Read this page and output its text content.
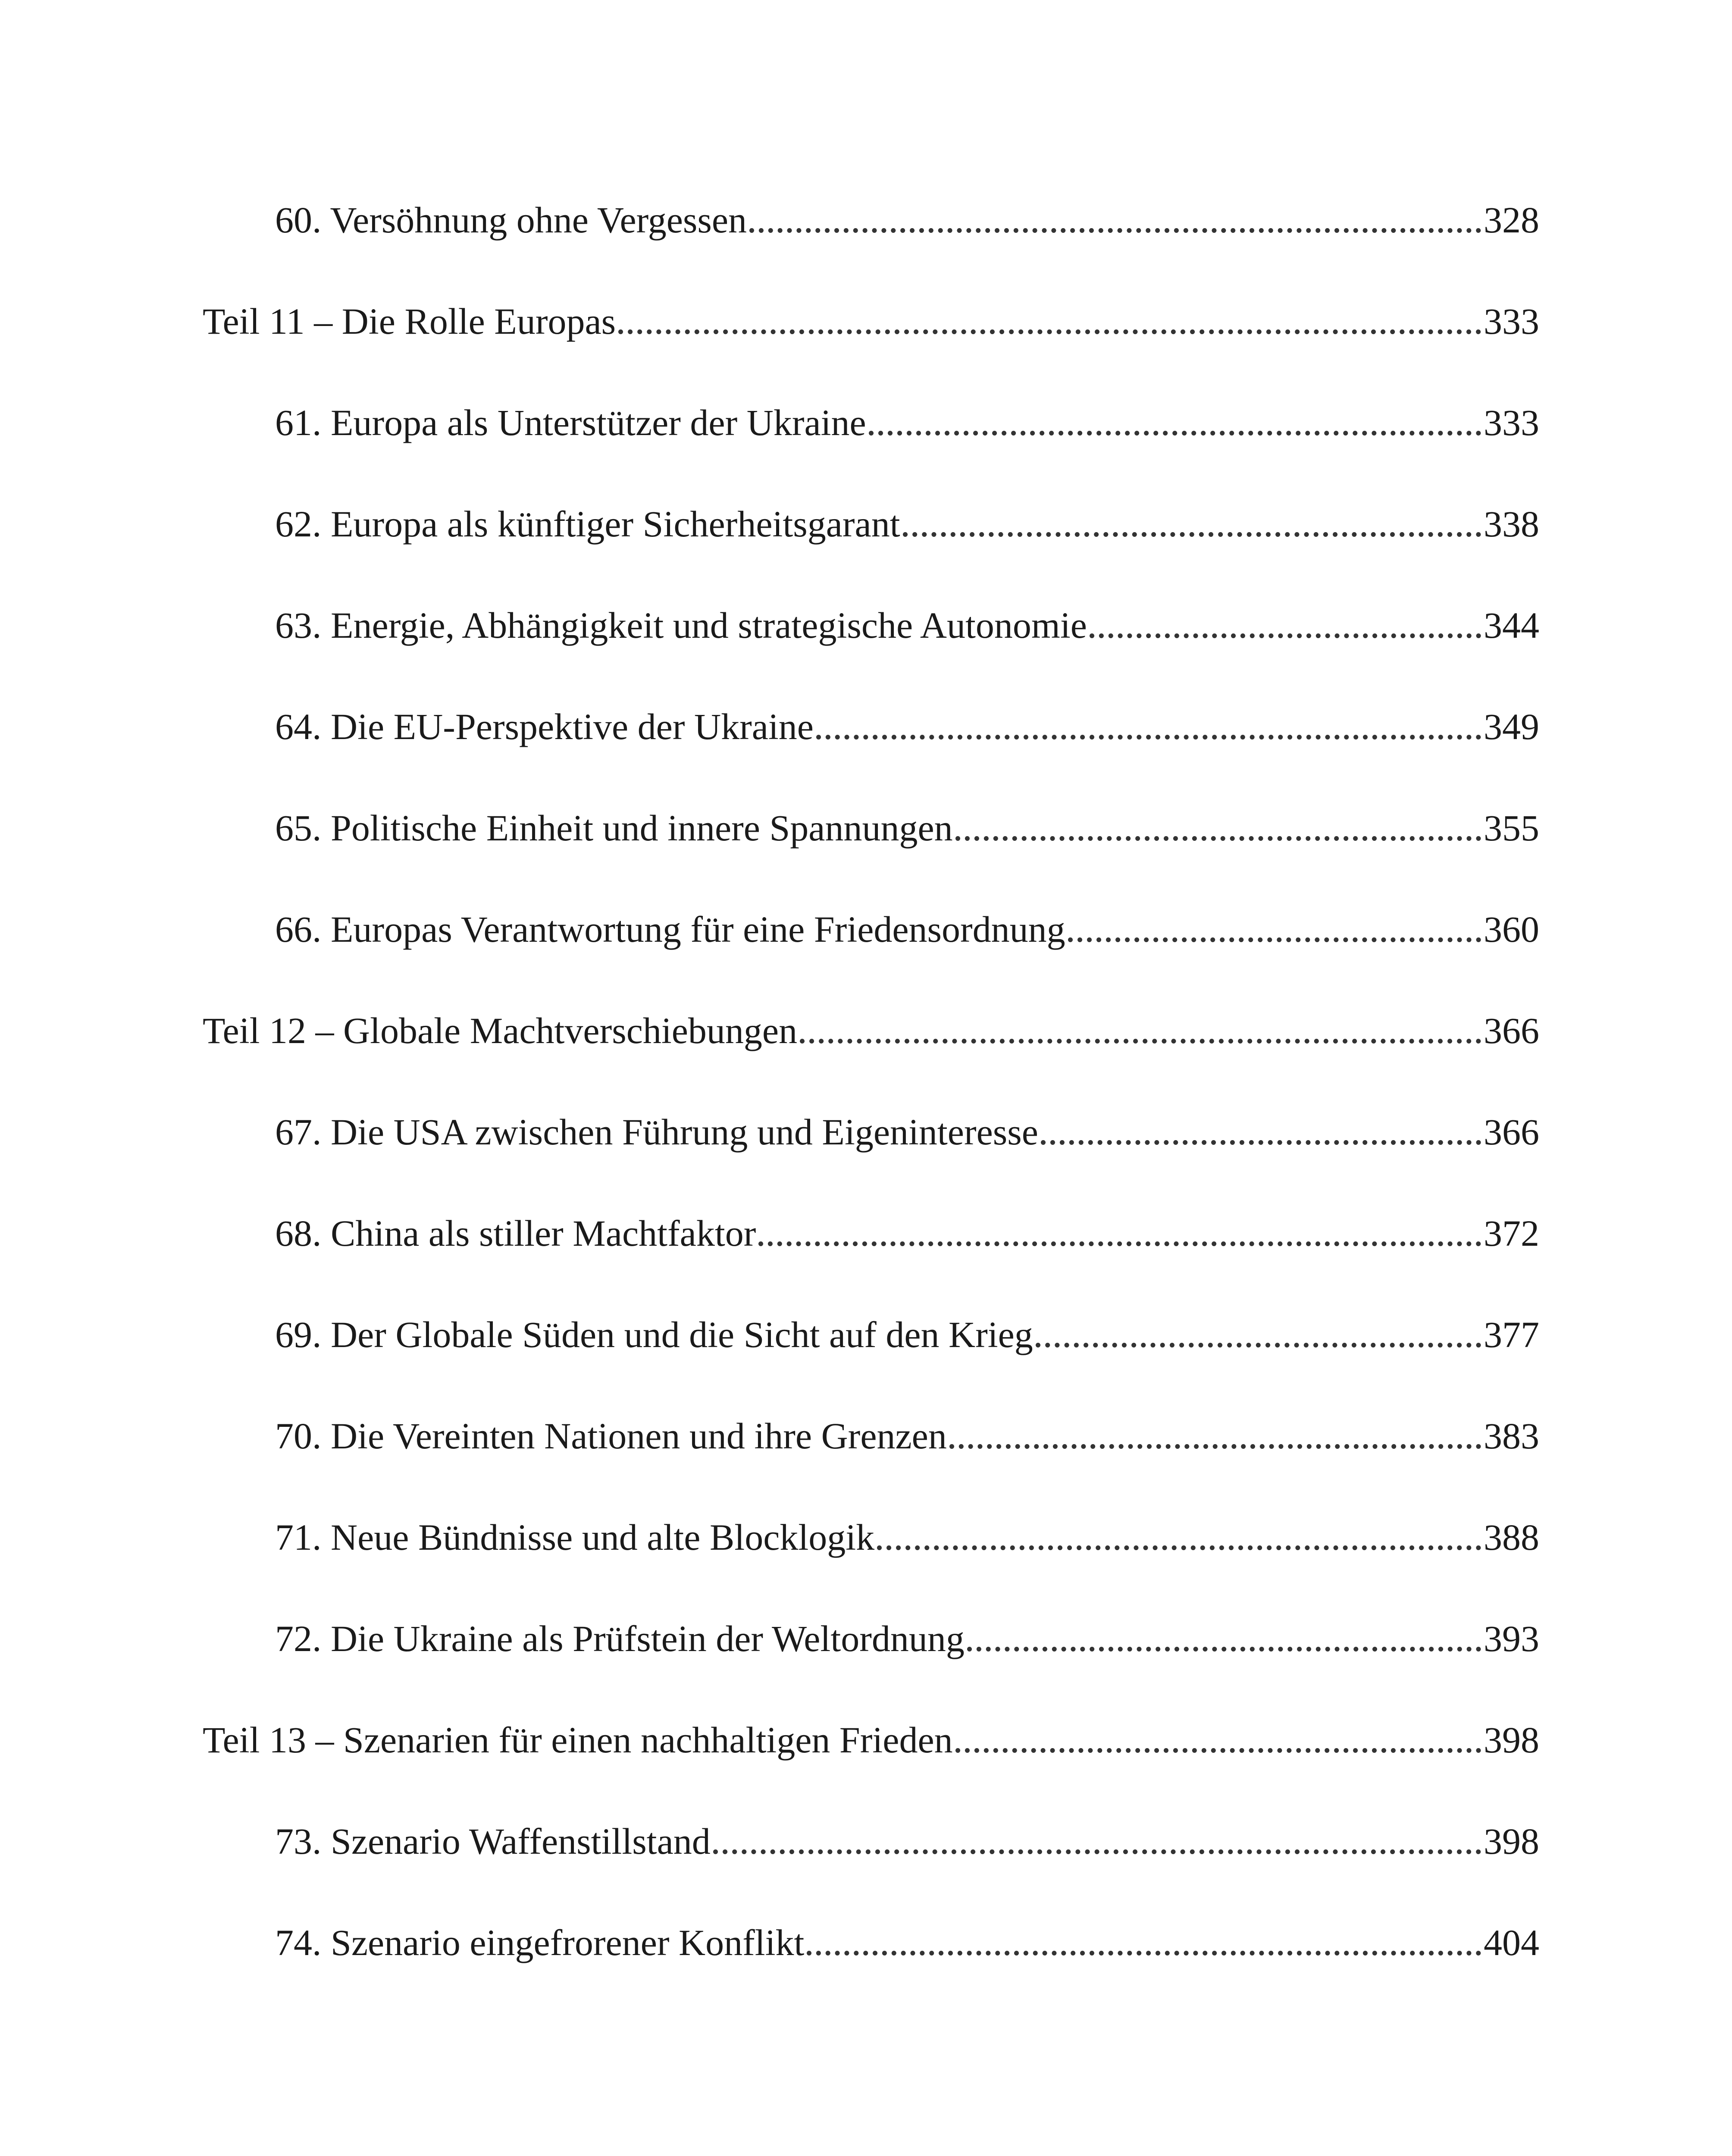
60. Versöhnung ohne Vergessen	328
Teil 11 – Die Rolle Europas	333
61. Europa als Unterstützer der Ukraine	333
62. Europa als künftiger Sicherheitsgarant	338
63. Energie, Abhängigkeit und strategische Autonomie	344
64. Die EU-Perspektive der Ukraine	349
65. Politische Einheit und innere Spannungen	355
66. Europas Verantwortung für eine Friedensordnung	360
Teil 12 – Globale Machtverschiebungen	366
67. Die USA zwischen Führung und Eigeninteresse	366
68. China als stiller Machtfaktor	372
69. Der Globale Süden und die Sicht auf den Krieg	377
70. Die Vereinten Nationen und ihre Grenzen	383
71. Neue Bündnisse und alte Blocklogik	388
72. Die Ukraine als Prüfstein der Weltordnung	393
Teil 13 – Szenarien für einen nachhaltigen Frieden	398
73. Szenario Waffenstillstand	398
74. Szenario eingefrorener Konflikt	404
